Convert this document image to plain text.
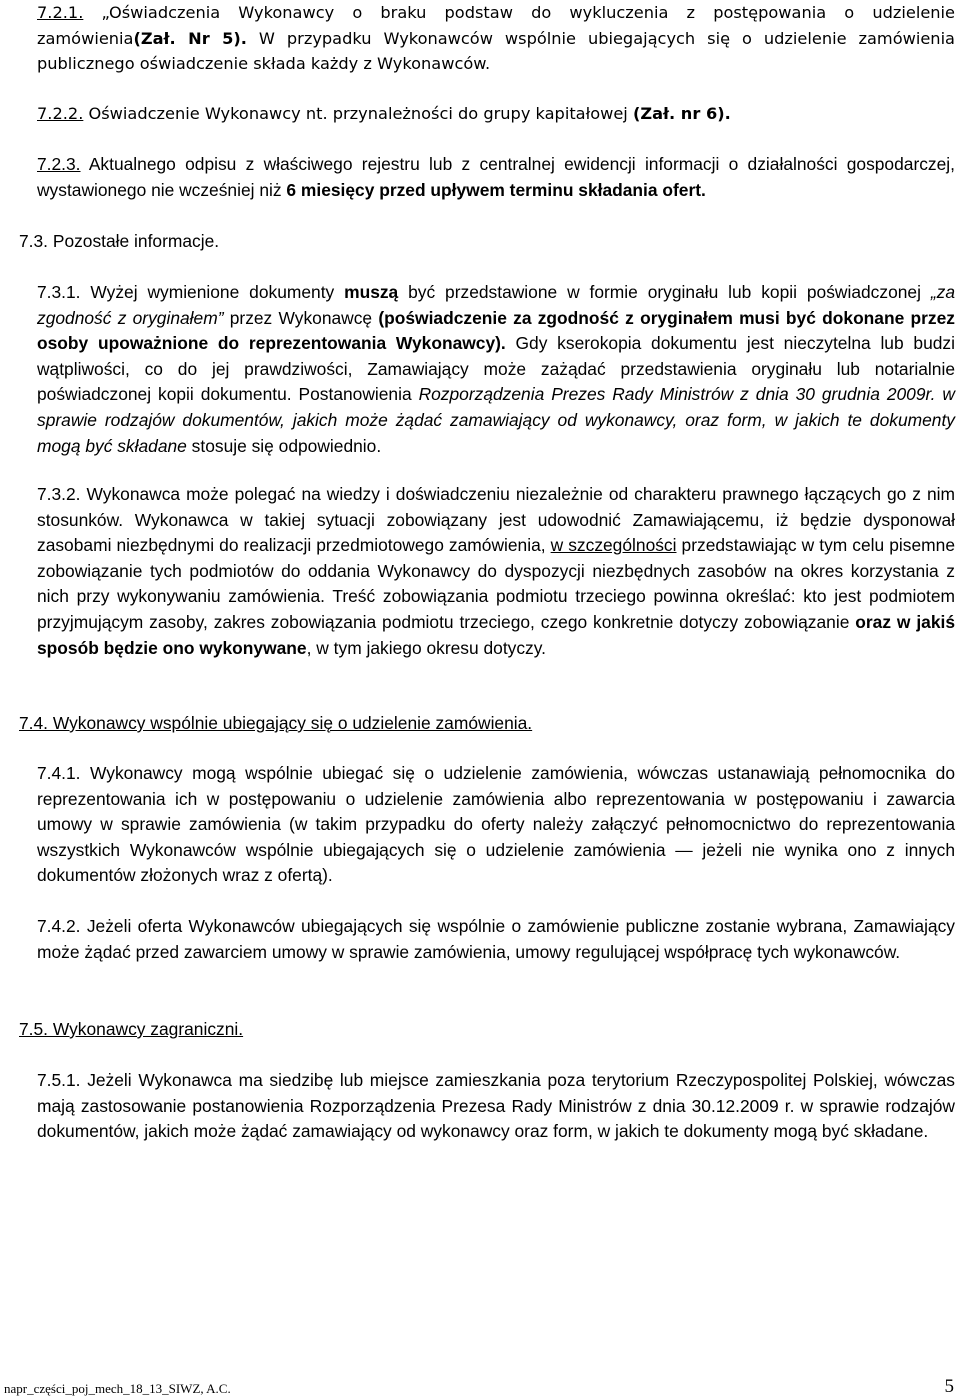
7.2.1. „Oświadczenia Wykonawcy o braku podstaw do wykluczenia z postępowania o udzielenie zamówienia(Zał. Nr 5). W przypadku Wykonawców wspólnie ubiegających się o udzielenie zamówienia publicznego oświadczenie składa każdy z Wykonawców.

7.2.2. Oświadczenie Wykonawcy nt. przynależności do grupy kapitałowej (Zał. nr 6).

7.2.3. Aktualnego odpisu z właściwego rejestru lub z centralnej ewidencji informacji o działalności gospodarczej, wystawionego nie wcześniej niż 6 miesięcy przed upływem terminu składania ofert.

7.3. Pozostałe informacje.

7.3.1. Wyżej wymienione dokumenty muszą być przedstawione w formie oryginału lub kopii poświadczonej „za zgodność z oryginałem” przez Wykonawcę (poświadczenie za zgodność z oryginałem musi być dokonane przez osoby upoważnione do reprezentowania Wykonawcy). Gdy kserokopia dokumentu jest nieczytelna lub budzi wątpliwości, co do jej prawdziwości, Zamawiający może zażądać przedstawienia oryginału lub notarialnie poświadczonej kopii dokumentu. Postanowienia Rozporządzenia Prezes Rady Ministrów z dnia 30 grudnia 2009r. w sprawie rodzajów dokumentów, jakich może żądać zamawiający od wykonawcy, oraz form, w jakich te dokumenty mogą być składane stosuje się odpowiednio.

7.3.2. Wykonawca może polegać na wiedzy i doświadczeniu niezależnie od charakteru prawnego łączących go z nim stosunków. Wykonawca w takiej sytuacji zobowiązany jest udowodnić Zamawiającemu, iż będzie dysponował zasobami niezbędnymi do realizacji przedmiotowego zamówienia, w szczególności przedstawiając w tym celu pisemne zobowiązanie tych podmiotów do oddania Wykonawcy do dyspozycji niezbędnych zasobów na okres korzystania z nich przy wykonywaniu zamówienia. Treść zobowiązania podmiotu trzeciego powinna określać: kto jest podmiotem przyjmującym zasoby, zakres zobowiązania podmiotu trzeciego, czego konkretnie dotyczy zobowiązanie oraz w jakiś sposób będzie ono wykonywane, w tym jakiego okresu dotyczy.

7.4. Wykonawcy wspólnie ubiegający się o udzielenie zamówienia.

7.4.1. Wykonawcy mogą wspólnie ubiegać się o udzielenie zamówienia, wówczas ustanawiają pełnomocnika do reprezentowania ich w postępowaniu o udzielenie zamówienia albo reprezentowania w postępowaniu i zawarcia umowy w sprawie zamówienia (w takim przypadku do oferty należy załączyć pełnomocnictwo do reprezentowania wszystkich Wykonawców wspólnie ubiegających się o udzielenie zamówienia — jeżeli nie wynika ono z innych dokumentów złożonych wraz z ofertą).

7.4.2. Jeżeli oferta Wykonawców ubiegających się wspólnie o zamówienie publiczne zostanie wybrana, Zamawiający może żądać przed zawarciem umowy w sprawie zamówienia, umowy regulującej współpracę tych wykonawców.

7.5. Wykonawcy zagraniczni.

7.5.1. Jeżeli Wykonawca ma siedzibę lub miejsce zamieszkania poza terytorium Rzeczypospolitej Polskiej, wówczas mają zastosowanie postanowienia Rozporządzenia Prezesa Rady Ministrów z dnia 30.12.2009 r. w sprawie rodzajów dokumentów, jakich może żądać zamawiający od wykonawcy oraz form, w jakich te dokumenty mogą być składane.

napr_części_poj_mech_18_13_SIWZ, A.C.	5
